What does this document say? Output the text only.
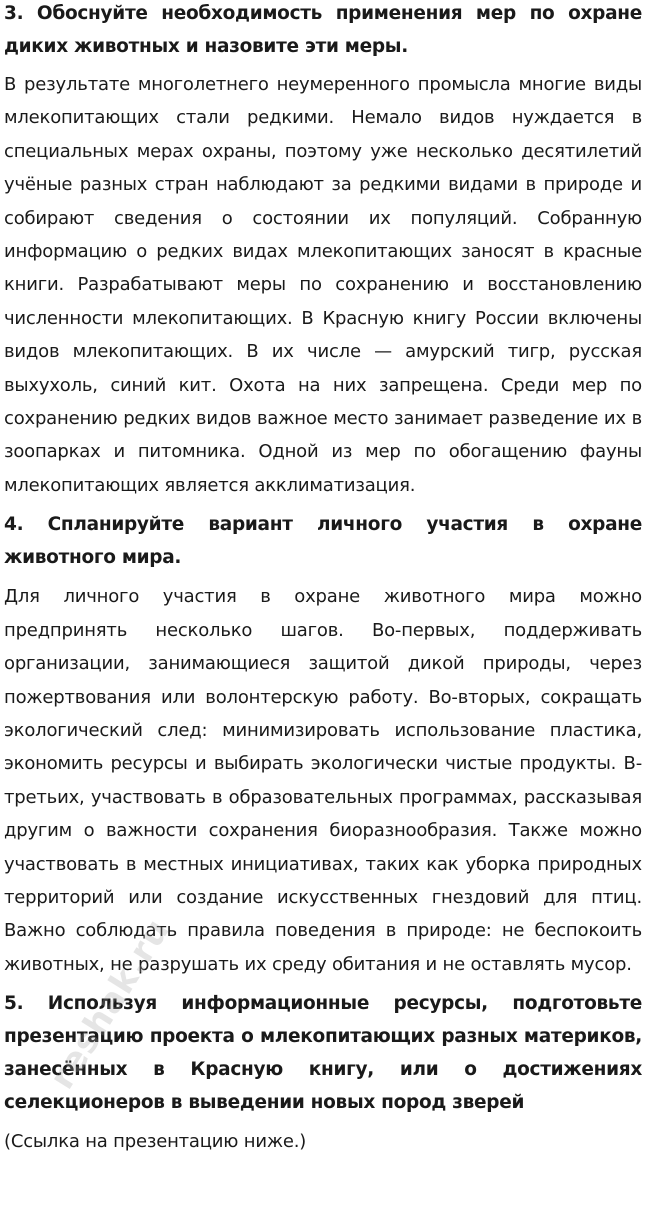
3. Обоснуйте необходимость применения мер по охране диких животных и назовите эти меры.

В результате многолетнего неумеренного промысла многие виды млекопитающих стали редкими. Немало видов нуждается в специальных мерах охраны, поэтому уже несколько десятилетий учёные разных стран наблюдают за редкими видами в природе и собирают сведения о состоянии их популяций. Собранную информацию о редких видах млекопитающих заносят в красные книги. Разрабатывают меры по сохранению и восстановлению численности млекопитающих. В Красную книгу России включены видов млекопитающих. В их числе — амурский тигр, русская выхухоль, синий кит. Охота на них запрещена. Среди мер по сохранению редких видов важное место занимает разведение их в зоопарках и питомника. Одной из мер по обогащению фауны млекопитающих является акклиматизация.

4. Спланируйте вариант личного участия в охране животного мира.

Для личного участия в охране животного мира можно предпринять несколько шагов. Во-первых, поддерживать организации, занимающиеся защитой дикой природы, через пожертвования или волонтерскую работу. Во-вторых, сокращать экологический след: минимизировать использование пластика, экономить ресурсы и выбирать экологически чистые продукты. В-третьих, участвовать в образовательных программах, рассказывая другим о важности сохранения биоразнообразия. Также можно участвовать в местных инициативах, таких как уборка природных территорий или создание искусственных гнездовий для птиц. Важно соблюдать правила поведения в природе: не беспокоить животных, не разрушать их среду обитания и не оставлять мусор.

5. Используя информационные ресурсы, подготовьте презентацию проекта о млекопитающих разных материков, занесённых в Красную книгу, или о достижениях селекционеров в выведении новых пород зверей

(Ссылка на презентацию ниже.)

reshak.ru
